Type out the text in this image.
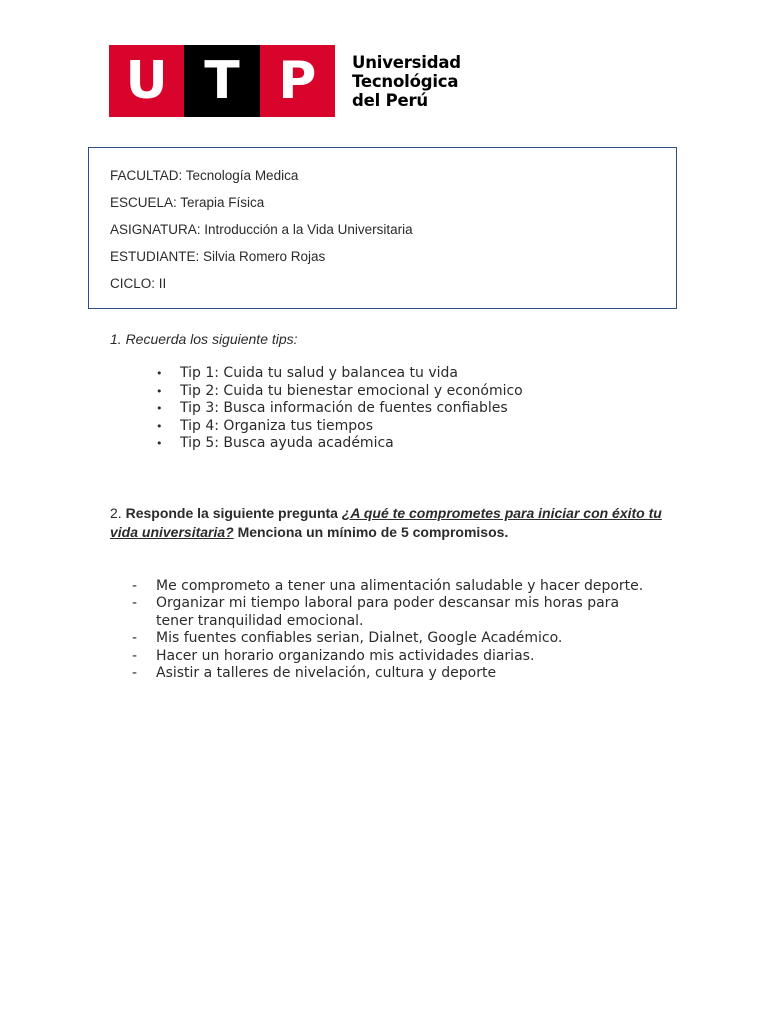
U T P	Universidad
Tecnológica
del Perú
FACULTAD: Tecnología Medica
ESCUELA: Terapia Física
ASIGNATURA: Introducción a la Vida Universitaria
ESTUDIANTE: Silvia Romero Rojas
CICLO: II
1. Recuerda los siguiente tips:
• Tip 1: Cuida tu salud y balancea tu vida
• Tip 2: Cuida tu bienestar emocional y económico
• Tip 3: Busca información de fuentes confiables
• Tip 4: Organiza tus tiempos
• Tip 5: Busca ayuda académica
2. Responde la siguiente pregunta ¿A qué te comprometes para iniciar con éxito tu vida universitaria? Menciona un mínimo de 5 compromisos.
- Me comprometo a tener una alimentación saludable y hacer deporte.
- Organizar mi tiempo laboral para poder descansar mis horas para tener tranquilidad emocional.
- Mis fuentes confiables serian, Dialnet, Google Académico.
- Hacer un horario organizando mis actividades diarias.
- Asistir a talleres de nivelación, cultura y deporte
